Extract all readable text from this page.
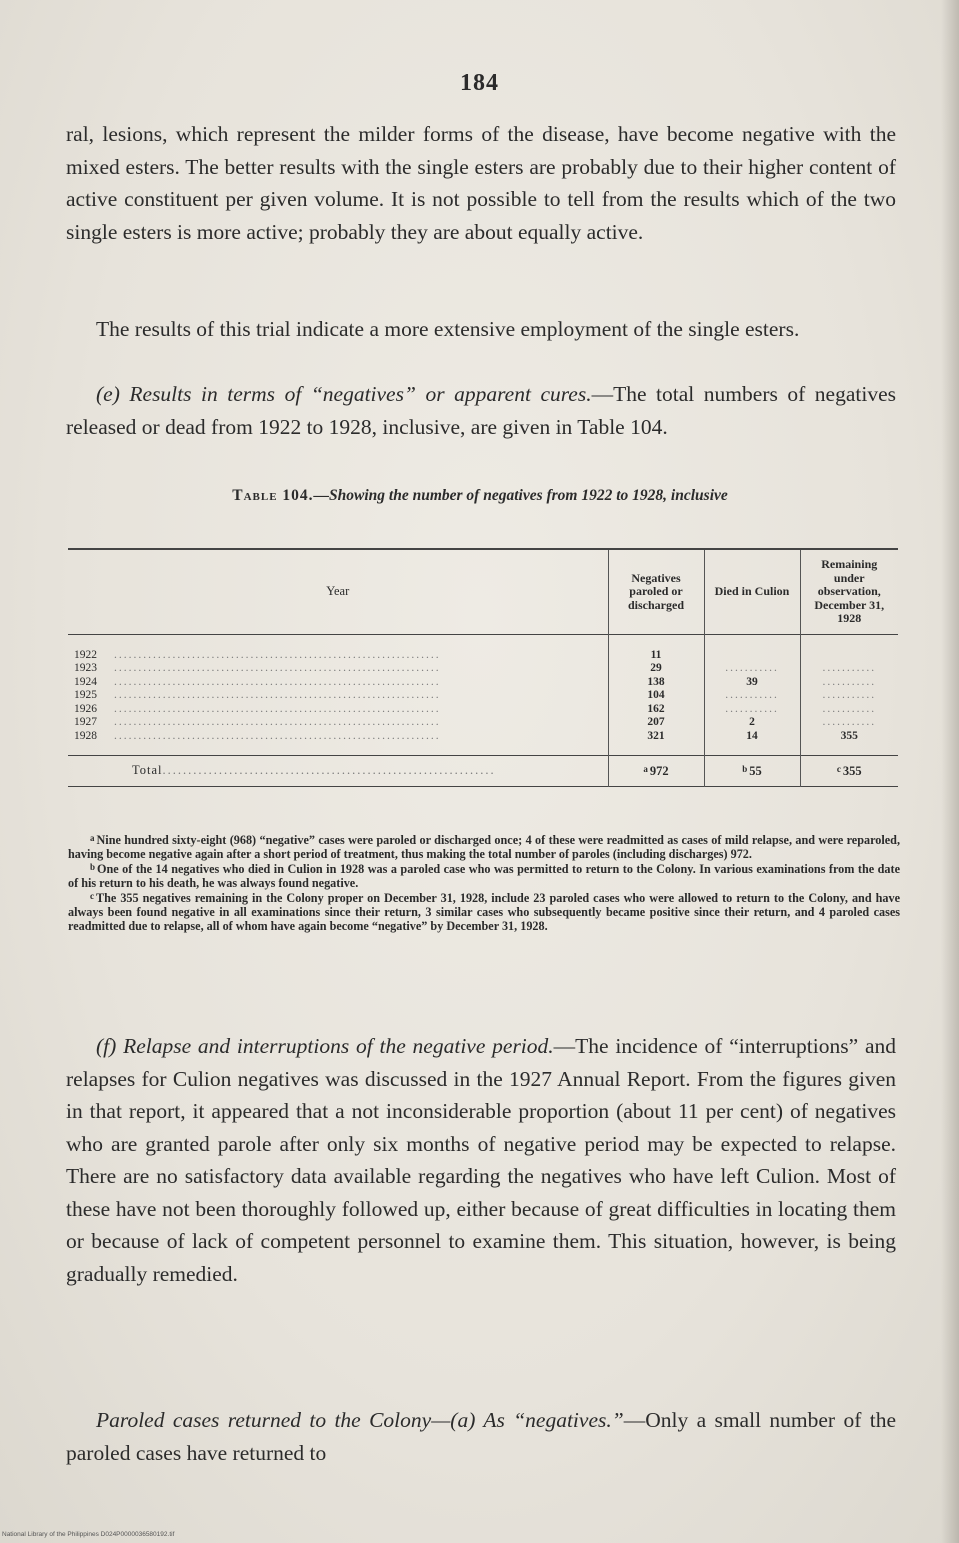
184

ral, lesions, which represent the milder forms of the disease, have become negative with the mixed esters. The better results with the single esters are probably due to their higher content of active constituent per given volume. It is not possible to tell from the results which of the two single esters is more active; probably they are about equally active.

The results of this trial indicate a more extensive employment of the single esters.

(e) Results in terms of “negatives” or apparent cures.—The total numbers of negatives released or dead from 1922 to 1928, inclusive, are given in Table 104.

Table 104.—Showing the number of negatives from 1922 to 1928, inclusive
Year	Negatives paroled or discharged	Died in Culion	Remaining under observation, December 31, 1928
1922 ...................................................................	11		
1923 ...................................................................	29	...........	...........
1924 ...................................................................	138	39	...........
1925 ...................................................................	104	...........	...........
1926 ...................................................................	162	...........	...........
1927 ...................................................................	207	2	...........
1928 ...................................................................	321	14	355
Total.................................................................	$^a$ 972	$^b$ 55	$^c$ 355

$^a$ Nine hundred sixty-eight (968) “negative” cases were paroled or discharged once; 4 of these were readmitted as cases of mild relapse, and were reparoled, having become negative again after a short period of treatment, thus making the total number of paroles (including discharges) 972.

$^b$ One of the 14 negatives who died in Culion in 1928 was a paroled case who was permitted to return to the Colony. In various examinations from the date of his return to his death, he was always found negative.

$^c$ The 355 negatives remaining in the Colony proper on December 31, 1928, include 23 paroled cases who were allowed to return to the Colony, and have always been found negative in all examinations since their return, 3 similar cases who subsequently became positive since their return, and 4 paroled cases readmitted due to relapse, all of whom have again become “negative” by December 31, 1928.

(f) Relapse and interruptions of the negative period.—The incidence of “interruptions” and relapses for Culion negatives was discussed in the 1927 Annual Report. From the figures given in that report, it appeared that a not inconsiderable proportion (about 11 per cent) of negatives who are granted parole after only six months of negative period may be expected to relapse. There are no satisfactory data available regarding the negatives who have left Culion. Most of these have not been thoroughly followed up, either because of great difficulties in locating them or because of lack of competent personnel to examine them. This situation, however, is being gradually remedied.

Paroled cases returned to the Colony—(a) As “negatives.”—Only a small number of the paroled cases have returned to

National Library of the Philippines D024P0000036580192.tif
